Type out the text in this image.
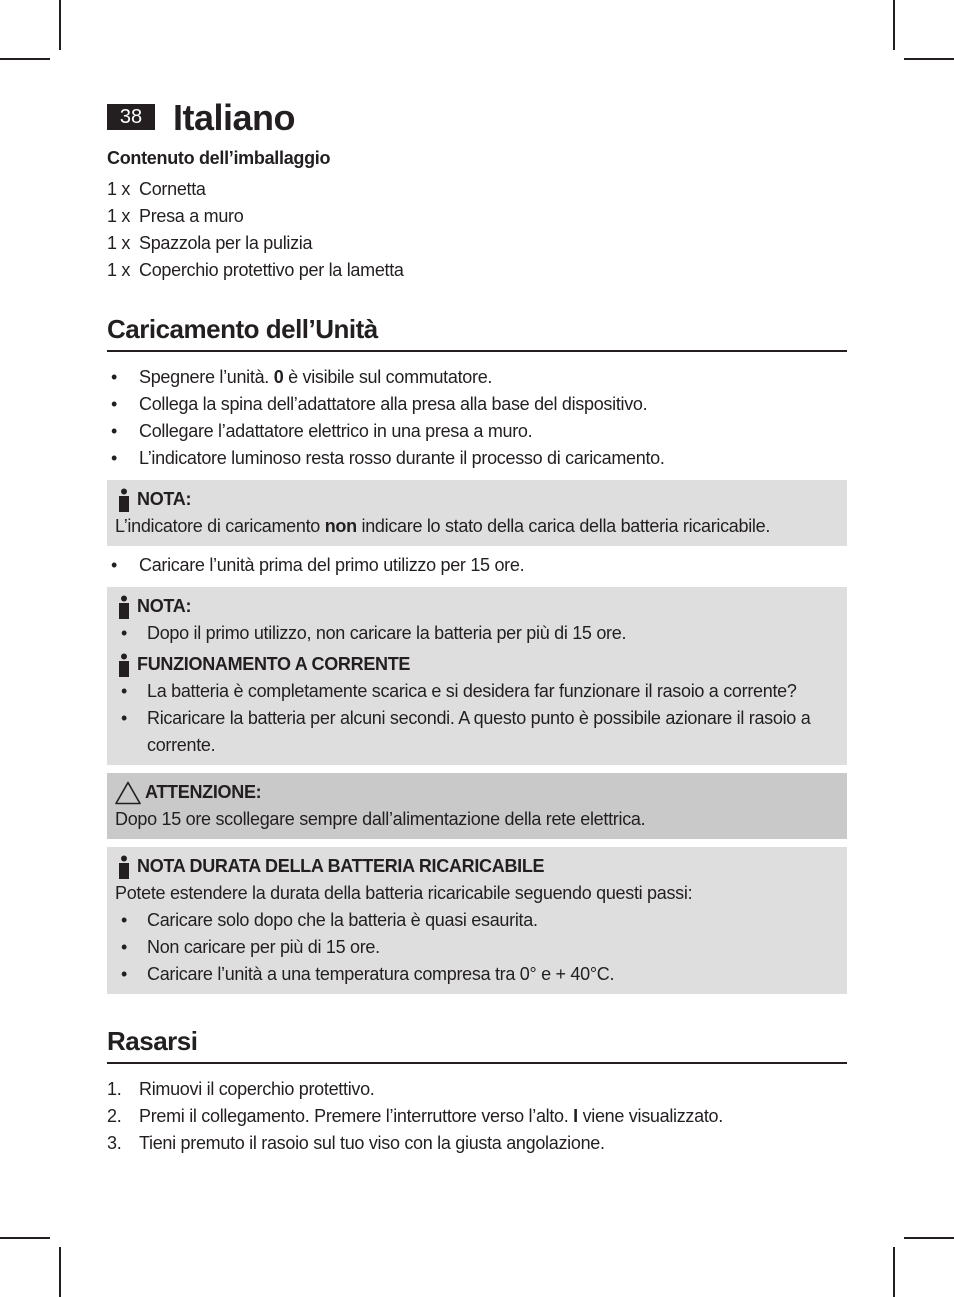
38 Italiano
Contenuto dell’imballaggio
1 x Cornetta
1 x Presa a muro
1 x Spazzola per la pulizia
1 x Coperchio protettivo per la lametta
Caricamento dell’Unità
• Spegnere l’unità. 0 è visibile sul commutatore.
• Collega la spina dell’adattatore alla presa alla base del dispositivo.
• Collegare l’adattatore elettrico in una presa a muro.
• L’indicatore luminoso resta rosso durante il processo di caricamento.
NOTA:
L’indicatore di caricamento non indicare lo stato della carica della batteria ricaricabile.
• Caricare l’unità prima del primo utilizzo per 15 ore.
NOTA:
• Dopo il primo utilizzo, non caricare la batteria per più di 15 ore.
FUNZIONAMENTO A CORRENTE
• La batteria è completamente scarica e si desidera far funzionare il rasoio a corrente?
• Ricaricare la batteria per alcuni secondi. A questo punto è possibile azionare il rasoio a corrente.
ATTENZIONE:
Dopo 15 ore scollegare sempre dall’alimentazione della rete elettrica.
NOTA DURATA DELLA BATTERIA RICARICABILE
Potete estendere la durata della batteria ricaricabile seguendo questi passi:
• Caricare solo dopo che la batteria è quasi esaurita.
• Non caricare per più di 15 ore.
• Caricare l’unità a una temperatura compresa tra 0° e + 40°C.
Rasarsi
1. Rimuovi il coperchio protettivo.
2. Premi il collegamento. Premere l’interruttore verso l’alto. I viene visualizzato.
3. Tieni premuto il rasoio sul tuo viso con la giusta angolazione.
